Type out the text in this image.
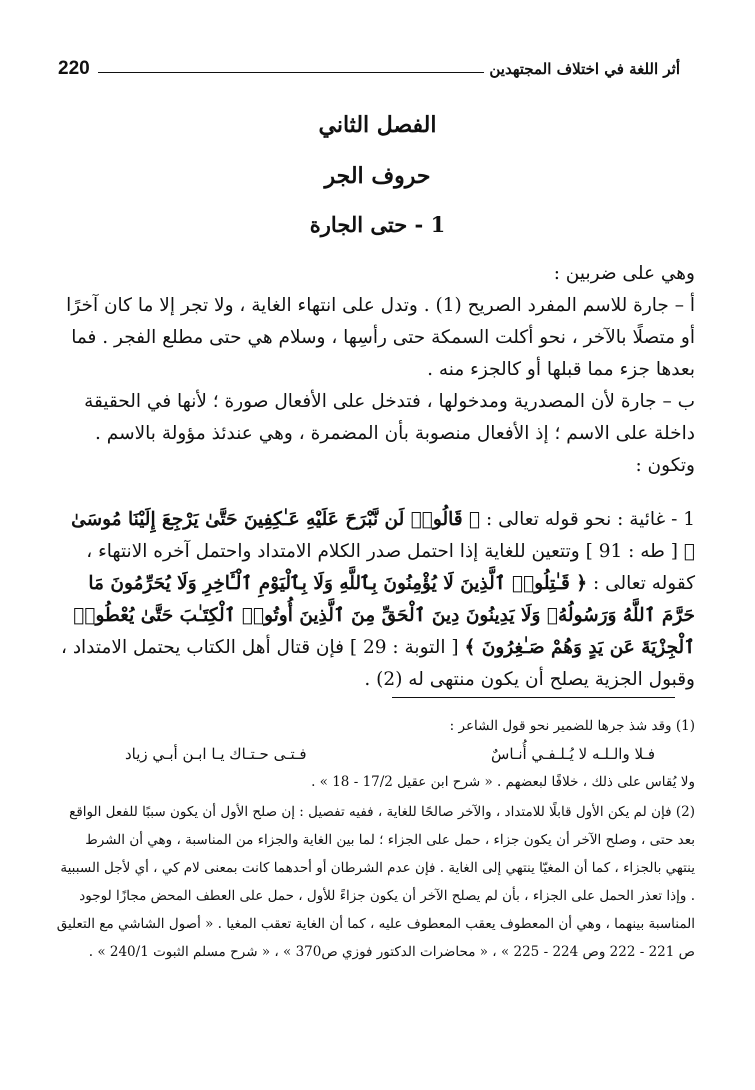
220	أثر اللغة في اختلاف المجتهدين
الفصل الثاني
حروف الجر
1 - حتى الجارة

وهي على ضربين :

أ – جارة للاسم المفرد الصريح (1) . وتدل على انتهاء الغاية ، ولا تجر إلا ما كان آخرًا أو متصلًا بالآخر ، نحو أكلت السمكة حتى رأسِها ، وسلام هي حتى مطلع الفجر . فما بعدها جزء مما قبلها أو كالجزء منه .

ب – جارة لأن المصدرية ومدخولها ، فتدخل على الأفعال صورة ؛ لأنها في الحقيقة داخلة على الاسم ؛ إذ الأفعال منصوبة بأن المضمرة ، وهي عندئذ مؤولة بالاسم .

وتكون :

1 - غائية : نحو قوله تعالى : ﴿ قَالُوا۟ لَن نَّبْرَحَ عَلَيْهِ عَـٰكِفِينَ حَتَّىٰ يَرْجِعَ إِلَيْنَا مُوسَىٰ ﴾ [ طه : 91 ] وتتعين للغاية إذا احتمل صدر الكلام الامتداد واحتمل آخره الانتهاء ، كقوله تعالى : ﴿ قَـٰتِلُوا۟ ٱلَّذِينَ لَا يُؤْمِنُونَ بِٱللَّهِ وَلَا بِٱلْيَوْمِ ٱلْـَٔاخِرِ وَلَا يُحَرِّمُونَ مَا حَرَّمَ ٱللَّهُ وَرَسُولُهُۥ وَلَا يَدِينُونَ دِينَ ٱلْحَقِّ مِنَ ٱلَّذِينَ أُوتُوا۟ ٱلْكِتَـٰبَ حَتَّىٰ يُعْطُوا۟ ٱلْجِزْيَةَ عَن يَدٍ وَهُمْ صَـٰغِرُونَ ﴾ [ التوبة : 29 ] فإن قتال أهل الكتاب يحتمل الامتداد ، وقبول الجزية يصلح أن يكون منتهى له (2) .

(1) وقد شذ جرها للضمير نحو قول الشاعر :

فـلا والـلـه لا يُـلـفـي أُنـاسٌ
فـتـى حـتـاك يـا ابـن أبـي زياد

ولا يُقاس على ذلك ، خلافًا لبعضهم . « شرح ابن عقيل 17/2 - 18 » .

(2) فإن لم يكن الأول قابلًا للامتداد ، والآخر صالحًا للغاية ، ففيه تفصيل : إن صلح الأول أن يكون سببًا للفعل الواقع بعد حتى ، وصلح الآخر أن يكون جزاء ، حمل على الجزاء ؛ لما بين الغاية والجزاء من المناسبة ، وهي أن الشرط ينتهي بالجزاء ، كما أن المغيّا ينتهي إلى الغاية . فإن عدم الشرطان أو أحدهما كانت بمعنى لام كي ، أي لأجل السببية . وإذا تعذر الحمل على الجزاء ، بأن لم يصلح الآخر أن يكون جزاءً للأول ، حمل على العطف المحض مجازًا لوجود المناسبة بينهما ، وهي أن المعطوف يعقب المعطوف عليه ، كما أن الغاية تعقب المغيا . « أصول الشاشي مع التعليق ص 221 - 222 وص 224 - 225 » ، « محاضرات الدكتور فوزي ص370 » ، « شرح مسلم الثبوت 240/1 » .
